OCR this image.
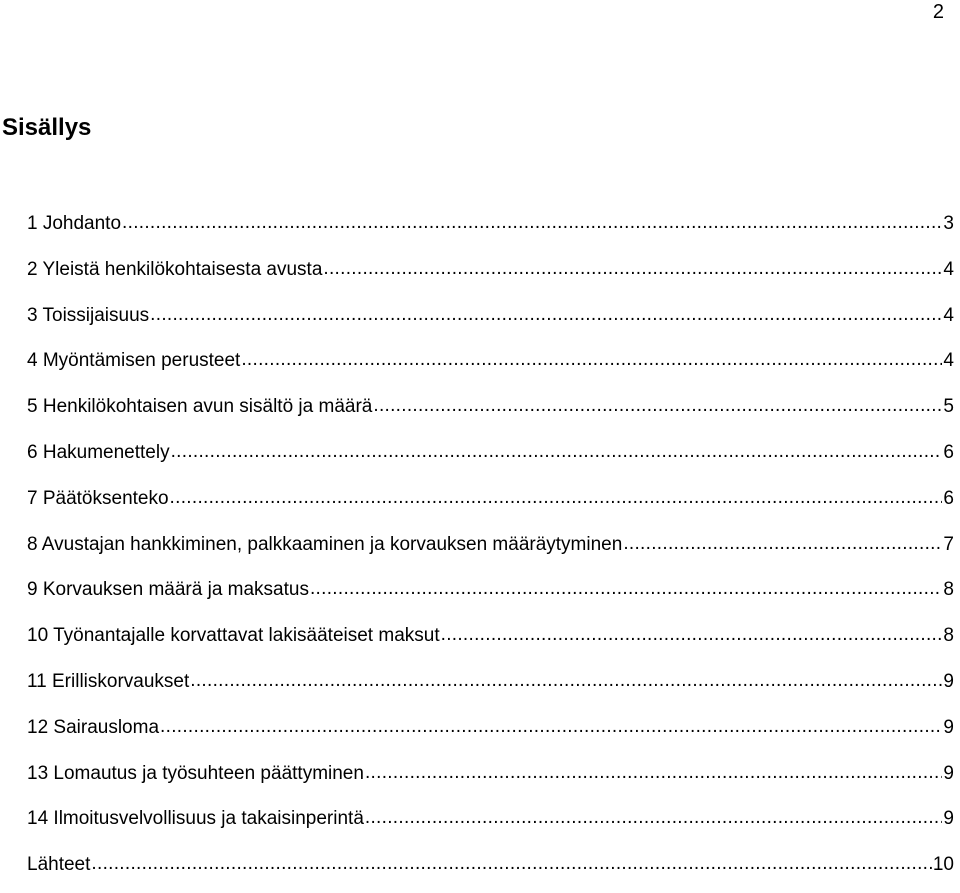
2
Sisällys
1 Johdanto .....	3
2 Yleistä henkilökohtaisesta avusta .....	4
3 Toissijaisuus .....	4
4 Myöntämisen perusteet .....	4
5 Henkilökohtaisen avun sisältö ja määrä .....	5
6 Hakumenettely .....	6
7 Päätöksenteko .....	6
8 Avustajan hankkiminen, palkkaaminen ja korvauksen määräytyminen .....	7
9 Korvauksen määrä ja maksatus .....	8
10 Työnantajalle korvattavat lakisääteiset maksut .....	8
11 Erilliskorvaukset .....	9
12 Sairausloma .....	9
13 Lomautus ja työsuhteen päättyminen .....	9
14 Ilmoitusvelvollisuus ja takaisinperintä .....	9
Lähteet .....	10
